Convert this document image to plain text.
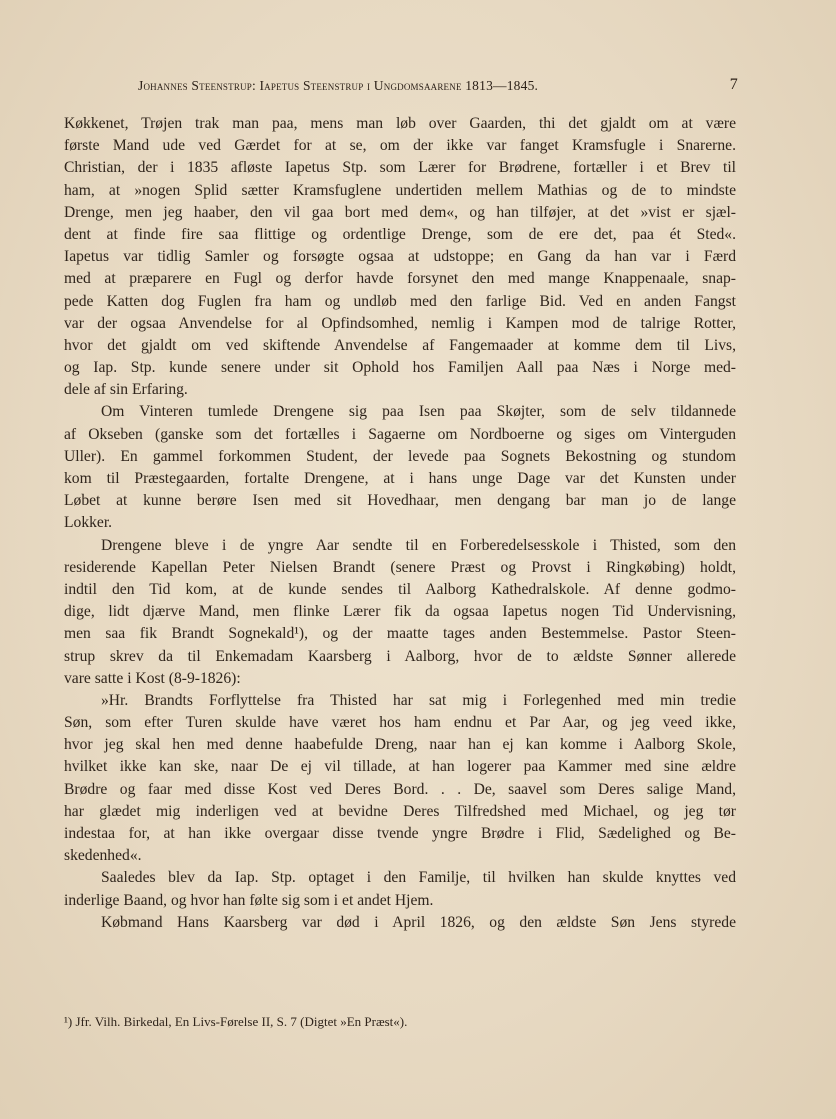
Johannes Steenstrup: Iapetus Steenstrup i Ungdomsaarene 1813—1845.	7
Køkkenet, Trøjen trak man paa, mens man løb over Gaarden, thi det gjaldt om at være
første Mand ude ved Gærdet for at se, om der ikke var fanget Kramsfugle i Snarerne.
Christian, der i 1835 afløste Iapetus Stp. som Lærer for Brødrene, fortæller i et Brev til
ham, at »nogen Splid sætter Kramsfuglene undertiden mellem Mathias og de to mindste
Drenge, men jeg haaber, den vil gaa bort med dem«, og han tilføjer, at det »vist er sjæl-
dent at finde fire saa flittige og ordentlige Drenge, som de ere det, paa ét Sted«.
Iapetus var tidlig Samler og forsøgte ogsaa at udstoppe; en Gang da han var i Færd
med at præparere en Fugl og derfor havde forsynet den med mange Knappenaale, snap-
pede Katten dog Fuglen fra ham og undløb med den farlige Bid. Ved en anden Fangst
var der ogsaa Anvendelse for al Opfindsomhed, nemlig i Kampen mod de talrige Rotter,
hvor det gjaldt om ved skiftende Anvendelse af Fangemaader at komme dem til Livs,
og Iap. Stp. kunde senere under sit Ophold hos Familjen Aall paa Næs i Norge med-
dele af sin Erfaring.
Om Vinteren tumlede Drengene sig paa Isen paa Skøjter, som de selv tildannede
af Okseben (ganske som det fortælles i Sagaerne om Nordboerne og siges om Vinterguden
Uller). En gammel forkommen Student, der levede paa Sognets Bekostning og stundom
kom til Præstegaarden, fortalte Drengene, at i hans unge Dage var det Kunsten under
Løbet at kunne berøre Isen med sit Hovedhaar, men dengang bar man jo de lange
Lokker.
Drengene bleve i de yngre Aar sendte til en Forberedelsesskole i Thisted, som den
residerende Kapellan Peter Nielsen Brandt (senere Præst og Provst i Ringkøbing) holdt,
indtil den Tid kom, at de kunde sendes til Aalborg Kathedralskole. Af denne godmo-
dige, lidt djærve Mand, men flinke Lærer fik da ogsaa Iapetus nogen Tid Undervisning,
men saa fik Brandt Sognekald¹), og der maatte tages anden Bestemmelse. Pastor Steen-
strup skrev da til Enkemadam Kaarsberg i Aalborg, hvor de to ældste Sønner allerede
vare satte i Kost (8-9-1826):
»Hr. Brandts Forflyttelse fra Thisted har sat mig i Forlegenhed med min tredie
Søn, som efter Turen skulde have været hos ham endnu et Par Aar, og jeg veed ikke,
hvor jeg skal hen med denne haabefulde Dreng, naar han ej kan komme i Aalborg Skole,
hvilket ikke kan ske, naar De ej vil tillade, at han logerer paa Kammer med sine ældre
Brødre og faar med disse Kost ved Deres Bord. . . De, saavel som Deres salige Mand,
har glædet mig inderligen ved at bevidne Deres Tilfredshed med Michael, og jeg tør
indestaa for, at han ikke overgaar disse tvende yngre Brødre i Flid, Sædelighed og Be-
skedenhed«.
Saaledes blev da Iap. Stp. optaget i den Familje, til hvilken han skulde knyttes ved
inderlige Baand, og hvor han følte sig som i et andet Hjem.
Købmand Hans Kaarsberg var død i April 1826, og den ældste Søn Jens styrede
¹) Jfr. Vilh. Birkedal, En Livs-Førelse II, S. 7 (Digtet »En Præst«).
